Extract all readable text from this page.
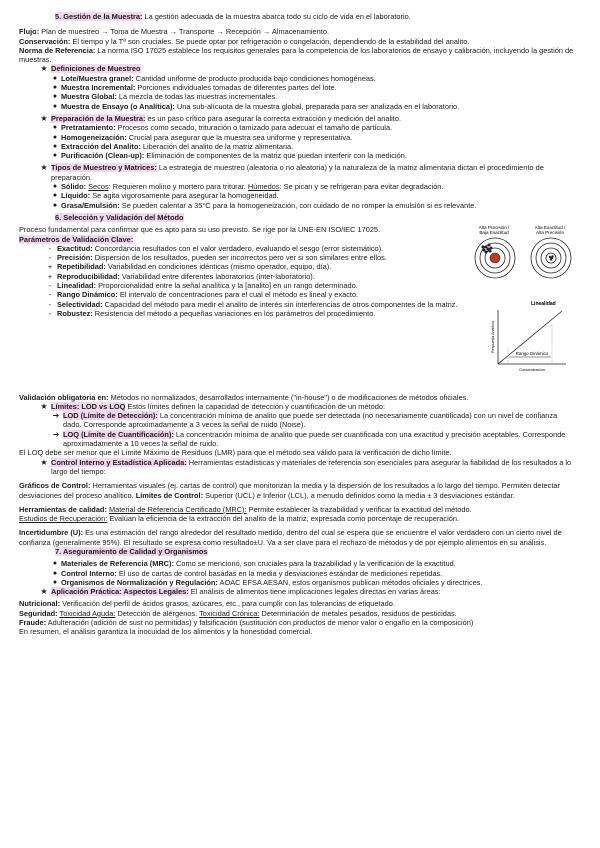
5. Gestión de la Muestra: La gestión adecuada de la muestra abarca todo su ciclo de vida en el laboratorio.

Flujo: Plan de muestreo → Toma de Muestra → Transporte → Recepción → Almacenamiento.

Conservación: El tiempo y la Tª son cruciales. Se puede optar por refrigeración o congelación, dependiendo de la estabilidad del analito.

Norma de Referencia: La norma ISO 17025 establece los requisitos generales para la competencia de los laboratorios de ensayo y calibración, incluyendo la gestión de muestras.

★ Definiciones de Muestreo
● Lote/Muestra granel: Cantidad uniforme de producto producida bajo condiciones homogéneas.
● Muestra Incremental: Porciones individuales tomadas de diferentes partes del lote.
● Muestra Global: La mezcla de todas las muestras incrementales.
● Muestra de Ensayo (o Analítica): Una sub-alícuota de la muestra global, preparada para ser analizada en el laboratorio.
★ Preparación de la Muestra: es un paso crítico para asegurar la correcta extracción y medición del analito.
● Pretratamiento: Procesos como secado, trituración o tamizado para adecuar el tamaño de partícula.
● Homogeneización: Crucial para asegurar que la muestra sea uniforme y representativa.
● Extracción del Analito: Liberación del analito de la matriz alimentaria.
● Purificación (Clean-up): Eliminación de componentes de la matriz que puedan interferir con la medición.
★ Tipos de Muestreo y Matrices: La estrategia de muestreo (aleatoria o no aleatoria) y la naturaleza de la matriz alimentaria dictan el procedimiento de preparación.
● Sólido: Secos: Requieren molino y mortero para triturar. Húmedos: Se pican y se refrigeran para evitar degradación.
● Líquido: Se agita vigorosamente para asegurar la homogeneidad.
● Grasa/Emulsión: Se pueden calentar a 35°C para la homogeneización, con cuidado de no romper la emulsión si es relevante.
6. Selección y Validación del Método

Proceso fundamental para confirmar que es apto para su uso previsto. Se rige por la UNE-EN ISO/IEC 17025.

Parámetros de Validación Clave:

- Exactitud: Concordancia resultados con el valor verdadero, evaluando el sesgo (error sistemático).
- Precisión: Dispersión de los resultados, pueden ser incorrectos pero ver si son similares entre ellos.
+ Repetibilidad: Variabilidad en condiciones idénticas (mismo operador, equipo, día).
+ Reproducibilidad: Variabilidad entre diferentes laboratorios (inter-laboratorio).
- Linealidad: Proporcionalidad entre la señal analítica y la [analito] en un rango determinado.
- Rango Dinámico: El intervalo de concentraciones para el cual el método es lineal y exacto.
- Selectividad: Capacidad del método para medir el analito de interés sin interferencias de otros componentes de la matriz.
- Robustez: Resistencia del método a pequeñas variaciones en los parámetros del procedimiento.
Alta Precisión /
Baja Exactitud
Alta Exactitud /
Alta Precisión
Linealidad
Rango Dinámico
Concentración
Respuesta Analítica

Validación obligatoria en: Métodos no normalizados, desarrollados internamente ("in-house") o de modificaciones de métodos oficiales.

★ Límites: LOD vs LOQ Estos límites definen la capacidad de detección y cuantificación de un método:
➔ LOD (Límite de Detección): La concentración mínima de analito que puede ser detectada (no necesariamente cuantificada) con un nivel de confianza dado. Corresponde aproximadamente a 3 veces la señal de ruido (Noise).
➔ LOQ (Límite de Cuantificación): La concentración mínima de analito que puede ser cuantificada con una exactitud y precisión aceptables. Corresponde aproximadamente a 10 veces la señal de ruido.

El LOQ debe ser menor que el Límite Máximo de Residuos (LMR) para que el método sea válido para la verificación de dicho límite.

★ Control Interno y Estadística Aplicada: Herramientas estadísticas y materiales de referencia son esenciales para asegurar la fiabilidad de los resultados a lo largo del tiempo:

Gráficos de Control: Herramientas visuales (ej. cartas de control) que monitorizan la media y la dispersión de los resultados a lo largo del tiempo. Permiten detectar desviaciones del proceso analítico. Límites de Control: Superior (UCL) e Inferior (LCL), a menudo definidos como la media ± 3 desviaciones estándar.

Herramientas de calidad: Material de Referencia Certificado (MRC): Permite establecer la trazabilidad y verificar la exactitud del método.

Estudios de Recuperación: Evalúan la eficiencia de la extracción del analito de la matriz, expresada como porcentaje de recuperación.

Incertidumbre (U): Es una estimación del rango alrededor del resultado medido, dentro del cual se espera que se encuentre el valor verdadero con un cierto nivel de confianza (generalmente 95%). El resultado se expresa como resultado±U. Va a ser clave para el rechazo de métodos y de por ejemplo alimentos en su análisis.

7. Aseguramiento de Calidad y Organismos
● Materiales de Referencia (MRC): Como se mencionó, son cruciales para la trazabilidad y la verificación de la exactitud.
● Control Interno: El uso de cartas de control basadas en la media y desviaciones estándar de mediciones repetidas.
● Organismos de Normalización y Regulación: AOAC EFSA AESAN, estos organismos publican métodos oficiales y directrices.
★ Aplicación Práctica: Aspectos Legales: El análisis de alimentos tiene implicaciones legales directas en varias áreas:

Nutricional: Verificación del perfil de ácidos grasos, azúcares, etc., para cumplir con las tolerancias de etiquetado.

Seguridad: Toxicidad Aguda: Detección de alérgenos. Toxicidad Crónica: Determinación de metales pesados, residuos de pesticidas.

Fraude: Adulteración (adición de sust no permitidas) y falsificación (sustitución con productos de menor valor o engaño en la composición)

En resumen, el análisis garantiza la inocuidad de los alimentos y la honestidad comercial.
